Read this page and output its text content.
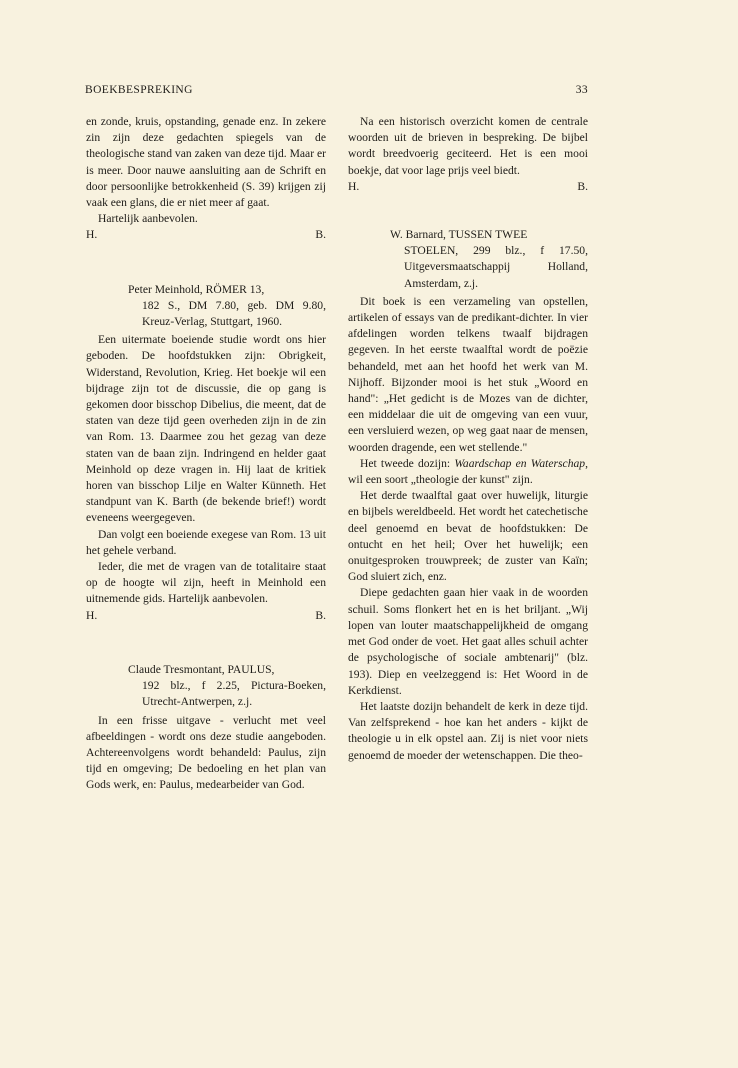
BOEKBESPREKING	33

en zonde, kruis, opstanding, genade enz. In zekere zin zijn deze gedachten spiegels van de theologische stand van zaken van deze tijd. Maar er is meer. Door nauwe aansluiting aan de Schrift en door persoonlijke betrokkenheid (S. 39) krijgen zij vaak een glans, die er niet meer af gaat.

Hartelijk aanbevolen.

H.	B.
Peter Meinhold, RÖMER 13,
182 S., DM 7.80, geb. DM 9.80, Kreuz-Verlag, Stuttgart, 1960.

Een uitermate boeiende studie wordt ons hier geboden. De hoofdstukken zijn: Obrigkeit, Widerstand, Revolution, Krieg. Het boekje wil een bijdrage zijn tot de discussie, die op gang is gekomen door bisschop Dibelius, die meent, dat de staten van deze tijd geen overheden zijn in de zin van Rom. 13. Daarmee zou het gezag van deze staten van de baan zijn. Indringend en helder gaat Meinhold op deze vragen in. Hij laat de kritiek horen van bisschop Lilje en Walter Künneth. Het standpunt van K. Barth (de bekende brief!) wordt eveneens weergegeven.

Dan volgt een boeiende exegese van Rom. 13 uit het gehele verband.

Ieder, die met de vragen van de totalitaire staat op de hoogte wil zijn, heeft in Meinhold een uitnemende gids. Hartelijk aanbevolen.

H.	B.
Claude Tresmontant, PAULUS,
192 blz., f 2.25, Pictura-Boeken, Utrecht-Antwerpen, z.j.

In een frisse uitgave - verlucht met veel afbeeldingen - wordt ons deze studie aangeboden. Achtereenvolgens wordt behandeld: Paulus, zijn tijd en omgeving; De bedoeling en het plan van Gods werk, en: Paulus, medearbeider van God.

Na een historisch overzicht komen de centrale woorden uit de brieven in bespreking. De bijbel wordt breedvoerig geciteerd. Het is een mooi boekje, dat voor lage prijs veel biedt.

H.	B.
W. Barnard, TUSSEN TWEE
STOELEN, 299 blz., f 17.50, Uitgeversmaatschappij Holland, Amsterdam, z.j.

Dit boek is een verzameling van opstellen, artikelen of essays van de predikant-dichter. In vier afdelingen worden telkens twaalf bijdragen gegeven. In het eerste twaalftal wordt de poëzie behandeld, met aan het hoofd het werk van M. Nijhoff. Bijzonder mooi is het stuk „Woord en hand": „Het gedicht is de Mozes van de dichter, een middelaar die uit de omgeving van een vuur, een versluierd wezen, op weg gaat naar de mensen, woorden dragende, een wet stellende."

Het tweede dozijn: Waardschap en Waterschap, wil een soort „theologie der kunst" zijn.

Het derde twaalftal gaat over huwelijk, liturgie en bijbels wereldbeeld. Het wordt het catechetische deel genoemd en bevat de hoofdstukken: De ontucht en het heil; Over het huwelijk; een onuitgesproken trouwpreek; de zuster van Kaïn; God sluiert zich, enz.

Diepe gedachten gaan hier vaak in de woorden schuil. Soms flonkert het en is het briljant. „Wij lopen van louter maatschappelijkheid de omgang met God onder de voet. Het gaat alles schuil achter de psychologische of sociale ambtenarij" (blz. 193). Diep en veelzeggend is: Het Woord in de Kerkdienst.

Het laatste dozijn behandelt de kerk in deze tijd. Van zelfsprekend - hoe kan het anders - kijkt de theologie u in elk opstel aan. Zij is niet voor niets genoemd de moeder der wetenschappen. Die theo-
